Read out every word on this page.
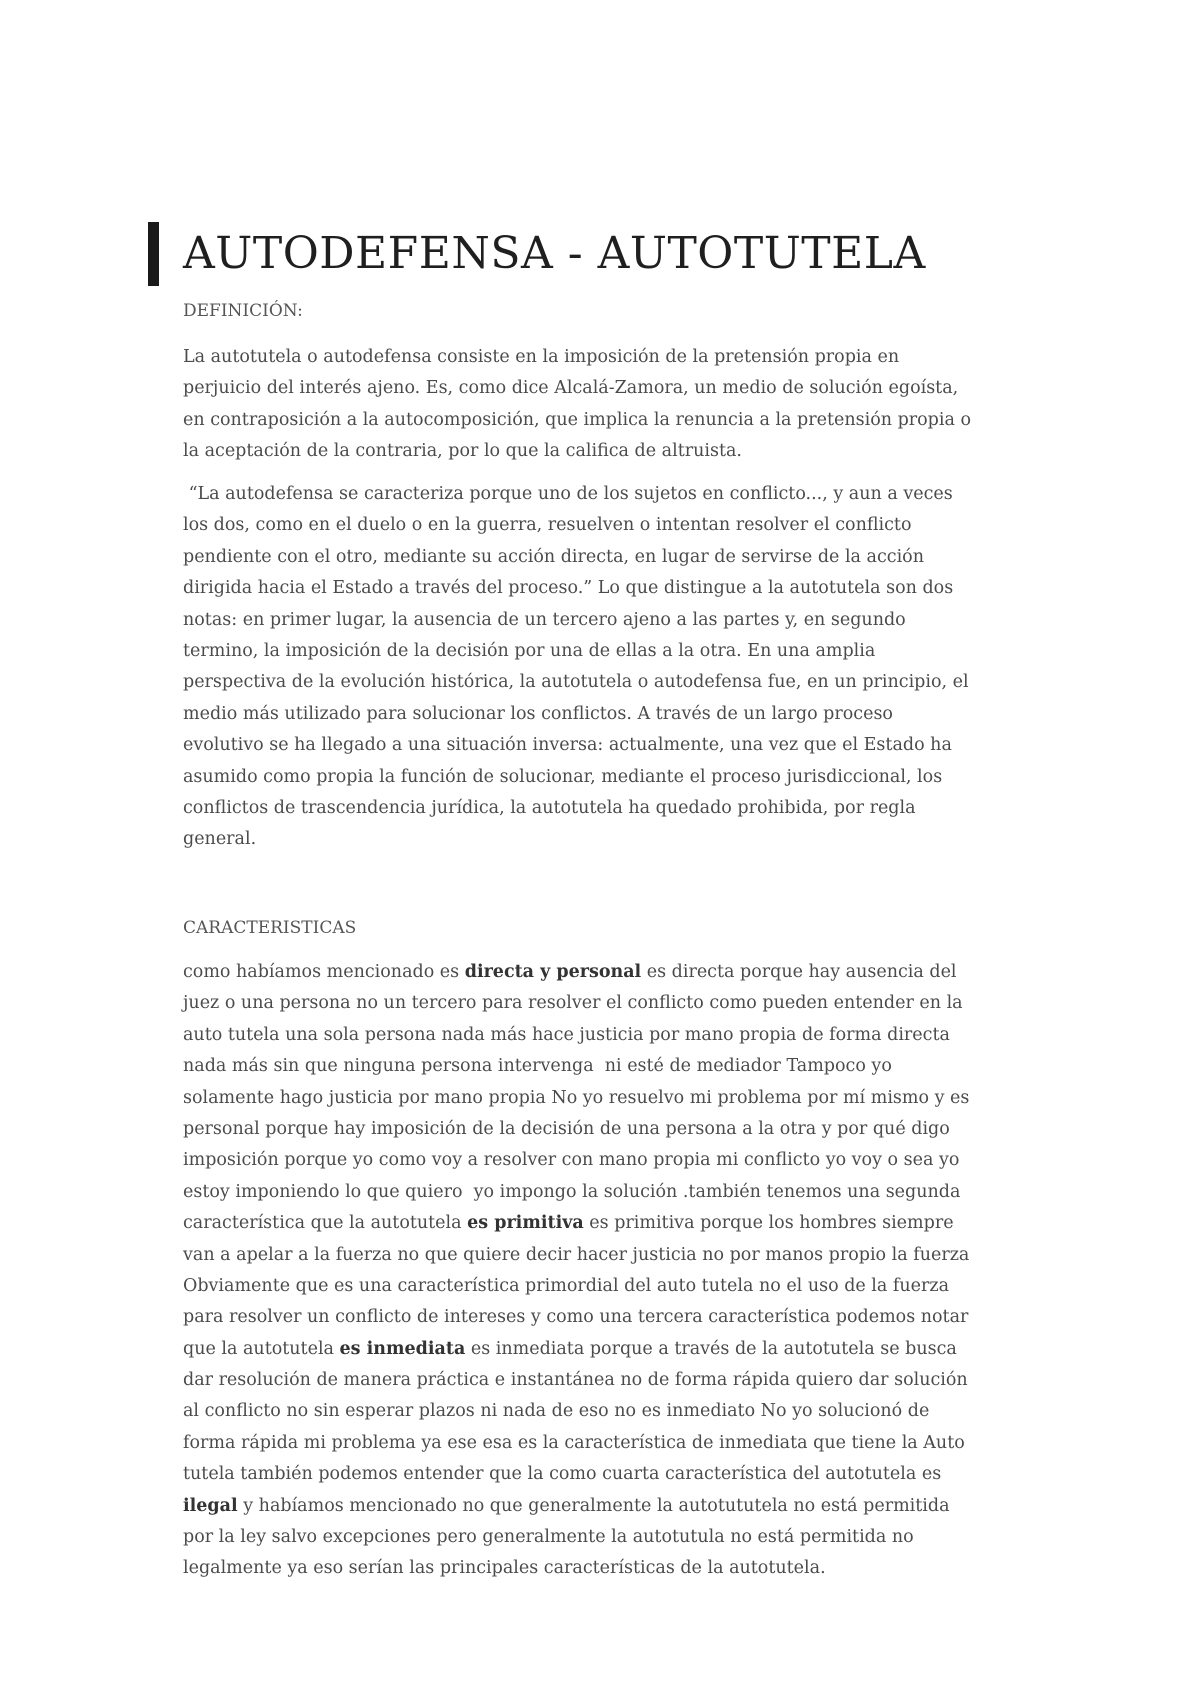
AUTODEFENSA - AUTOTUTELA
DEFINICIÓN:
La autotutela o autodefensa consiste en la imposición de la pretensión propia en
perjuicio del interés ajeno. Es, como dice Alcalá-Zamora, un medio de solución egoísta,
en contraposición a la autocomposición, que implica la renuncia a la pretensión propia o
la aceptación de la contraria, por lo que la califica de altruista.
“La autodefensa se caracteriza porque uno de los sujetos en conflicto..., y aun a veces
los dos, como en el duelo o en la guerra, resuelven o intentan resolver el conflicto
pendiente con el otro, mediante su acción directa, en lugar de servirse de la acción
dirigida hacia el Estado a través del proceso.” Lo que distingue a la autotutela son dos
notas: en primer lugar, la ausencia de un tercero ajeno a las partes y, en segundo
termino, la imposición de la decisión por una de ellas a la otra. En una amplia
perspectiva de la evolución histórica, la autotutela o autodefensa fue, en un principio, el
medio más utilizado para solucionar los conflictos. A través de un largo proceso
evolutivo se ha llegado a una situación inversa: actualmente, una vez que el Estado ha
asumido como propia la función de solucionar, mediante el proceso jurisdiccional, los
conflictos de trascendencia jurídica, la autotutela ha quedado prohibida, por regla
general.
CARACTERISTICAS
como habíamos mencionado es directa y personal es directa porque hay ausencia del
juez o una persona no un tercero para resolver el conflicto como pueden entender en la
auto tutela una sola persona nada más hace justicia por mano propia de forma directa
nada más sin que ninguna persona intervenga  ni esté de mediador Tampoco yo
solamente hago justicia por mano propia No yo resuelvo mi problema por mí mismo y es
personal porque hay imposición de la decisión de una persona a la otra y por qué digo
imposición porque yo como voy a resolver con mano propia mi conflicto yo voy o sea yo
estoy imponiendo lo que quiero  yo impongo la solución .también tenemos una segunda
característica que la autotutela es primitiva es primitiva porque los hombres siempre
van a apelar a la fuerza no que quiere decir hacer justicia no por manos propio la fuerza
Obviamente que es una característica primordial del auto tutela no el uso de la fuerza
para resolver un conflicto de intereses y como una tercera característica podemos notar
que la autotutela es inmediata es inmediata porque a través de la autotutela se busca
dar resolución de manera práctica e instantánea no de forma rápida quiero dar solución
al conflicto no sin esperar plazos ni nada de eso no es inmediato No yo solucionó de
forma rápida mi problema ya ese esa es la característica de inmediata que tiene la Auto
tutela también podemos entender que la como cuarta característica del autotutela es
ilegal y habíamos mencionado no que generalmente la autotututela no está permitida
por la ley salvo excepciones pero generalmente la autotutula no está permitida no
legalmente ya eso serían las principales características de la autotutela.
